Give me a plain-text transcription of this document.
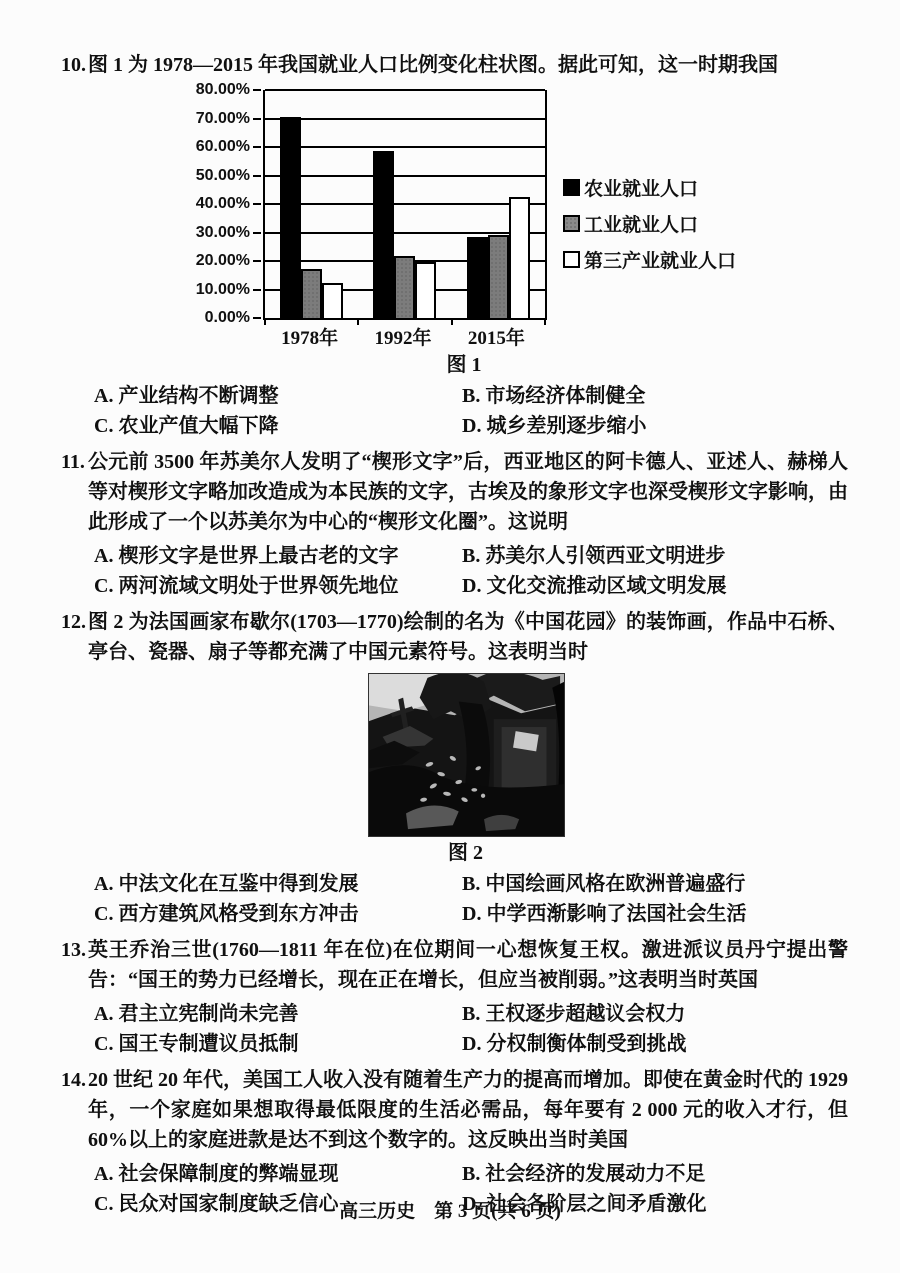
10. 图 1 为 1978—2015 年我国就业人口比例变化柱状图。据此可知，这一时期我国

80.00%
70.00%
60.00%
50.00%
40.00%
30.00%
20.00%
10.00%
0.00%
农业就业人口
工业就业人口
第三产业就业人口
1978年	1992年	2015年
图 1
A. 产业结构不断调整	B. 市场经济体制健全
C. 农业产值大幅下降	D. 城乡差别逐步缩小
11. 公元前 3500 年苏美尔人发明了“楔形文字”后，西亚地区的阿卡德人、亚述人、赫梯人等对楔形文字略加改造成为本民族的文字，古埃及的象形文字也深受楔形文字影响，由此形成了一个以苏美尔为中心的“楔形文化圈”。这说明

A. 楔形文字是世界上最古老的文字	B. 苏美尔人引领西亚文明进步
C. 两河流域文明处于世界领先地位	D. 文化交流推动区域文明发展
12. 图 2 为法国画家布歇尔(1703—1770)绘制的名为《中国花园》的装饰画，作品中石桥、亭台、瓷器、扇子等都充满了中国元素符号。这表明当时

图 2
A. 中法文化在互鉴中得到发展	B. 中国绘画风格在欧洲普遍盛行
C. 西方建筑风格受到东方冲击	D. 中学西渐影响了法国社会生活
13. 英王乔治三世(1760—1811 年在位)在位期间一心想恢复王权。激进派议员丹宁提出警告：“国王的势力已经增长，现在正在增长，但应当被削弱。”这表明当时英国

A. 君主立宪制尚未完善	B. 王权逐步超越议会权力
C. 国王专制遭议员抵制	D. 分权制衡体制受到挑战
14. 20 世纪 20 年代，美国工人收入没有随着生产力的提高而增加。即使在黄金时代的 1929 年，一个家庭如果想取得最低限度的生活必需品，每年要有 2 000 元的收入才行，但 60%以上的家庭进款是达不到这个数字的。这反映出当时美国

A. 社会保障制度的弊端显现	B. 社会经济的发展动力不足
C. 民众对国家制度缺乏信心	D. 社会各阶层之间矛盾激化
高三历史　第 3 页(共 6 页)
